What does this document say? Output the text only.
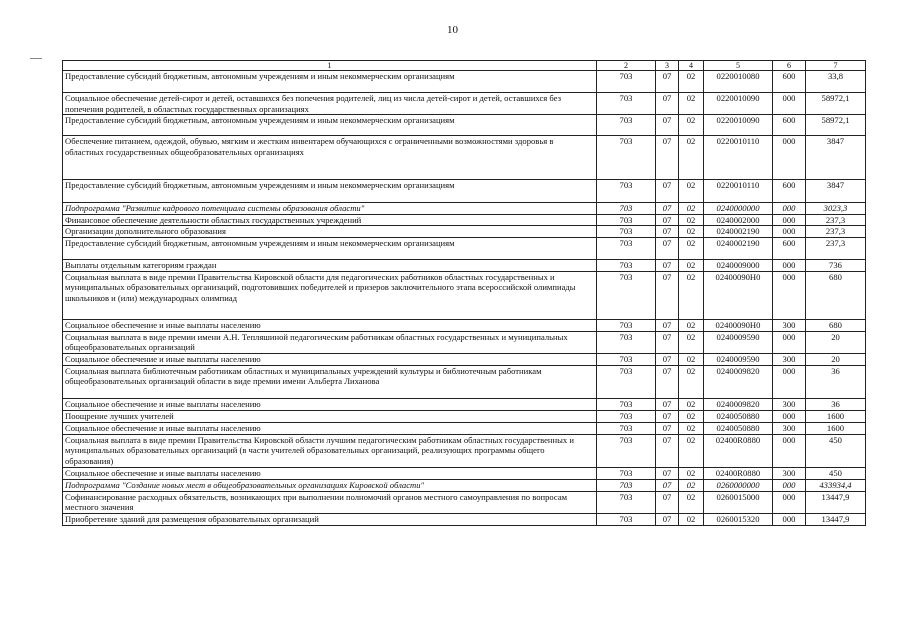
10
1	2	3	4	5	6	7
Предоставление субсидий бюджетным, автономным учреждениям и иным некоммерческим организациям	703	07	02	0220010080	600	33,8
Социальное обеспечение детей-сирот и детей, оставшихся без попечения родителей, лиц из числа детей-сирот и детей, оставшихся без попечения родителей, в областных государственных организациях	703	07	02	0220010090	000	58972,1
Предоставление субсидий бюджетным, автономным учреждениям и иным некоммерческим организациям	703	07	02	0220010090	600	58972,1
Обеспечение питанием, одеждой, обувью, мягким и жестким инвентарем обучающихся с ограниченными возможностями здоровья в областных государственных общеобразовательных организациях	703	07	02	0220010110	000	3847
Предоставление субсидий бюджетным, автономным учреждениям и иным некоммерческим организациям	703	07	02	0220010110	600	3847
Подпрограмма "Развитие кадрового потенциала системы образования области"	703	07	02	0240000000	000	3023,3
Финансовое обеспечение деятельности областных государственных учреждений	703	07	02	0240002000	000	237,3
Организации дополнительного образования	703	07	02	0240002190	000	237,3
Предоставление субсидий бюджетным, автономным учреждениям и иным некоммерческим организациям	703	07	02	0240002190	600	237,3
Выплаты отдельным категориям граждан	703	07	02	0240009000	000	736
Социальная выплата в виде премии Правительства Кировской области для педагогических работников областных государственных и муниципальных образовательных организаций, подготовивших победителей и призеров заключительного этапа всероссийской олимпиады школьников и (или) международных олимпиад	703	07	02	02400090Н0	000	680
Социальное обеспечение и иные выплаты населению	703	07	02	02400090Н0	300	680
Социальная выплата в виде премии имени А.Н. Тепляшиной педагогическим работникам областных государственных и муниципальных общеобразовательных организаций	703	07	02	0240009590	000	20
Социальное обеспечение и иные выплаты населению	703	07	02	0240009590	300	20
Социальная выплата библиотечным работникам областных и муниципальных учреждений культуры и библиотечным работникам общеобразовательных организаций области в виде премии имени Альберта Лиханова	703	07	02	0240009820	000	36
Социальное обеспечение и иные выплаты населению	703	07	02	0240009820	300	36
Поощрение лучших учителей	703	07	02	0240050880	000	1600
Социальное обеспечение и иные выплаты населению	703	07	02	0240050880	300	1600
Социальная выплата в виде премии Правительства Кировской области лучшим педагогическим работникам областных государственных и муниципальных образовательных организаций (в части учителей образовательных организаций, реализующих программы общего образования)	703	07	02	02400R0880	000	450
Социальное обеспечение и иные выплаты населению	703	07	02	02400R0880	300	450
Подпрограмма "Создание новых мест в общеобразовательных организациях Кировской области"	703	07	02	0260000000	000	433934,4
Софинансирование расходных обязательств, возникающих при выполнении полномочий органов местного самоуправления по вопросам местного значения	703	07	02	0260015000	000	13447,9
Приобретение зданий для размещения образовательных организаций	703	07	02	0260015320	000	13447,9
